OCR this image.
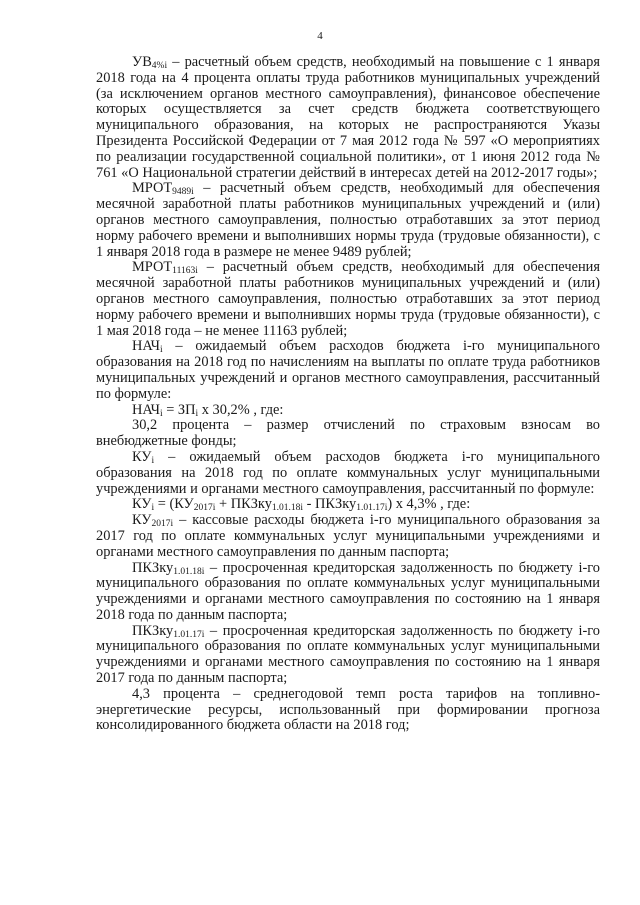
4

$УВ_{4\%i}$ – расчетный объем средств, необходимый на повышение с 1 января 2018 года на 4 процента оплаты труда работников муниципальных учреждений (за исключением органов местного самоуправления), финансовое обеспечение которых осуществляется за счет средств бюджета соответствующего муниципального образования, на которых не распространяются Указы Президента Российской Федерации от 7 мая 2012 года № 597 «О мероприятиях по реализации государственной социальной политики», от 1 июня 2012 года № 761 «О Национальной стратегии действий в интересах детей на 2012-2017 годы»;

$МРОТ_{9489i}$ – расчетный объем средств, необходимый для обеспечения месячной заработной платы работников муниципальных учреждений и (или) органов местного самоуправления, полностью отработавших за этот период норму рабочего времени и выполнивших нормы труда (трудовые обязанности), с 1 января 2018 года в размере не менее 9489 рублей;

$МРОТ_{11163i}$ – расчетный объем средств, необходимый для обеспечения месячной заработной платы работников муниципальных учреждений и (или) органов местного самоуправления, полностью отработавших за этот период норму рабочего времени и выполнивших нормы труда (трудовые обязанности), с 1 мая 2018 года – не менее 11163 рублей;

$НАЧ_i$ – ожидаемый объем расходов бюджета i-го муниципального образования на 2018 год по начислениям на выплаты по оплате труда работников муниципальных учреждений и органов местного самоуправления, рассчитанный по формуле:

$НАЧ_i = ЗП_i$ х 30,2% , где:

30,2 процента – размер отчислений по страховым взносам во внебюджетные фонды;

$КУ_i$ – ожидаемый объем расходов бюджета i-го муниципального образования на 2018 год по оплате коммунальных услуг муниципальными учреждениями и органами местного самоуправления, рассчитанный по формуле:

$КУ_i = (КУ_{2017i}$ + ПКЗку$_{1.01.18i}$ - ПКЗку$_{1.01.17i}$) х 4,3% , где:

$КУ_{2017i}$ – кассовые расходы бюджета i-го муниципального образования за 2017 год по оплате коммунальных услуг муниципальными учреждениями и органами местного самоуправления по данным паспорта;

ПКЗку$_{1.01.18i}$ – просроченная кредиторская задолженность по бюджету i-го муниципального образования по оплате коммунальных услуг муниципальными учреждениями и органами местного самоуправления по состоянию на 1 января 2018 года по данным паспорта;

ПКЗку$_{1.01.17i}$ – просроченная кредиторская задолженность по бюджету i-го муниципального образования по оплате коммунальных услуг муниципальными учреждениями и органами местного самоуправления по состоянию на 1 января 2017 года по данным паспорта;

4,3 процента – среднегодовой темп роста тарифов на топливно-энергетические ресурсы, использованный при формировании прогноза консолидированного бюджета области на 2018 год;
